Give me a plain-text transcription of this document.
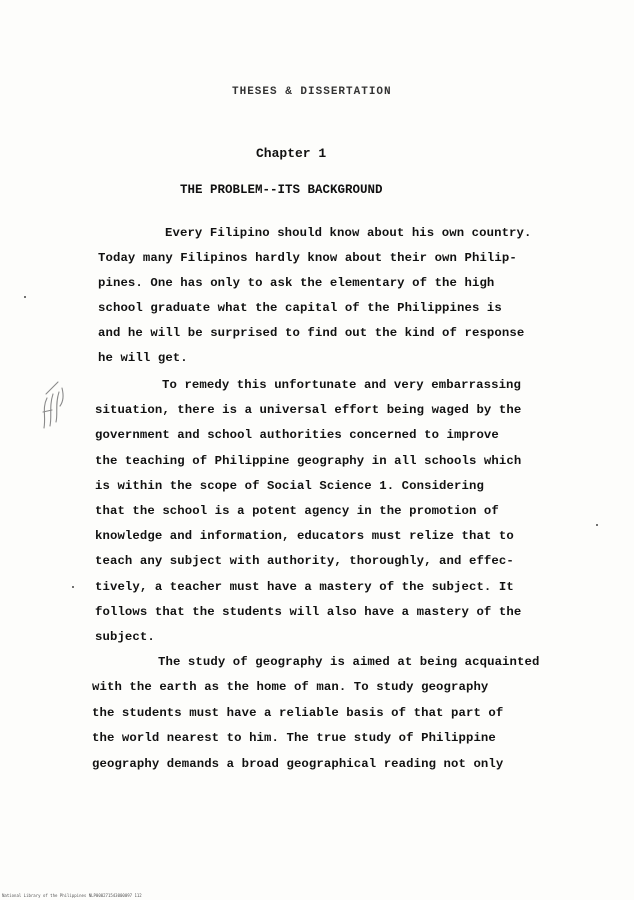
THESES & DISSERTATION
Chapter 1
THE PROBLEM--ITS BACKGROUND
Every Filipino should know about his own country.
Today many Filipinos hardly know about their own Philip-
pines. One has only to ask the elementary of the high
school graduate what the capital of the Philippines is
and he will be surprised to find out the kind of response
he will get.
To remedy this unfortunate and very embarrassing
situation, there is a universal effort being waged by the
government and school authorities concerned to improve
the teaching of Philippine geography in all schools which
is within the scope of Social Science 1. Considering
that the school is a potent agency in the promotion of
knowledge and information, educators must relize that to
teach any subject with authority, thoroughly, and effec-
tively, a teacher must have a mastery of the subject. It
follows that the students will also have a mastery of the
subject.
The study of geography is aimed at being acquainted
with the earth as the home of man. To study geography
the students must have a reliable basis of that part of
the world nearest to him. The true study of Philippine
geography demands a broad geographical reading not only
National Library of the Philippines NLP000271543000097 112
